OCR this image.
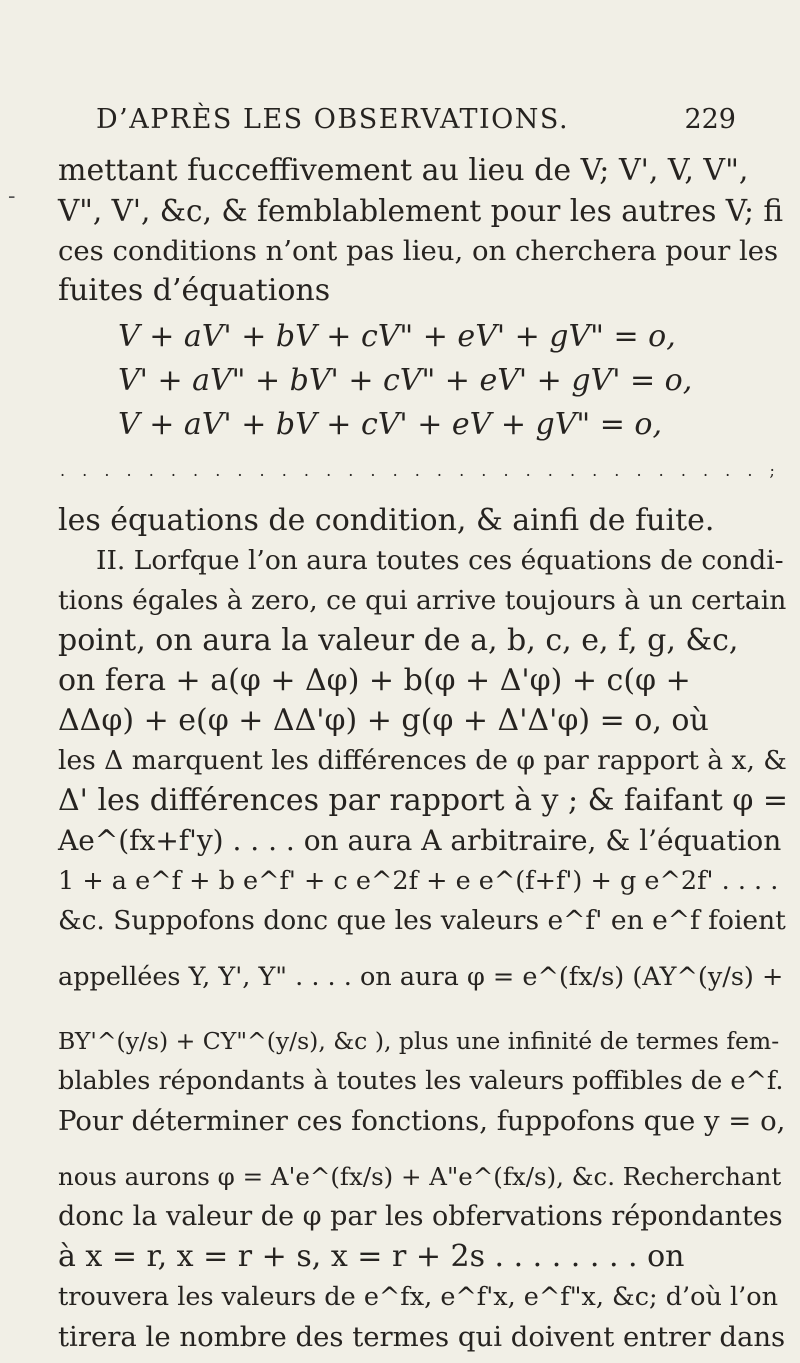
D’APRÈS LES OBSERVATIONS.	229
-
mettant fucceffivement au lieu de V; V', V, V",
V", V', &c, & femblablement pour les autres V; fi
ces conditions n’ont pas lieu, on cherchera pour les
fuites d’équations
V + aV' + bV + cV" + eV' + gV" = o,
V' + aV" + bV' + cV" + eV' + gV' = o,
V + aV' + bV + cV' + eV + gV" = o,
. . . . . . . . . . . . . . . . . . . . . . . . . . . . . . . . ;
les équations de condition, & ainfi de fuite.
II. Lorfque l’on aura toutes ces équations de condi-
tions égales à zero, ce qui arrive toujours à un certain
point, on aura la valeur de a, b, c, e, f, g, &c,
on fera + a(φ + Δφ) + b(φ + Δ'φ) + c(φ +
ΔΔφ) + e(φ + ΔΔ'φ) + g(φ + Δ'Δ'φ) = o, où
les Δ marquent les différences de φ par rapport à x, &
Δ' les différences par rapport à y ; & faifant φ =
Ae^(fx+f'y) . . . . on aura A arbitraire, & l’équation
1 + a e^f + b e^f' + c e^2f + e e^(f+f') + g e^2f' . . . .
&c. Suppofons donc que les valeurs e^f' en e^f foient
appellées Y, Y', Y" . . . . on aura φ = e^(fx/s) (AY^(y/s) +
BY'^(y/s) + CY"^(y/s), &c ), plus une infinité de termes fem-
blables répondants à toutes les valeurs poffibles de e^f.
Pour déterminer ces fonctions, fuppofons que y = o,
nous aurons φ = A'e^(fx/s) + A"e^(fx/s), &c. Recherchant
donc la valeur de φ par les obfervations répondantes
à x = r, x = r + s, x = r + 2s . . . . . . . . on
trouvera les valeurs de e^fx, e^f'x, e^f"x, &c; d’où l’on
tirera le nombre des termes qui doivent entrer dans
